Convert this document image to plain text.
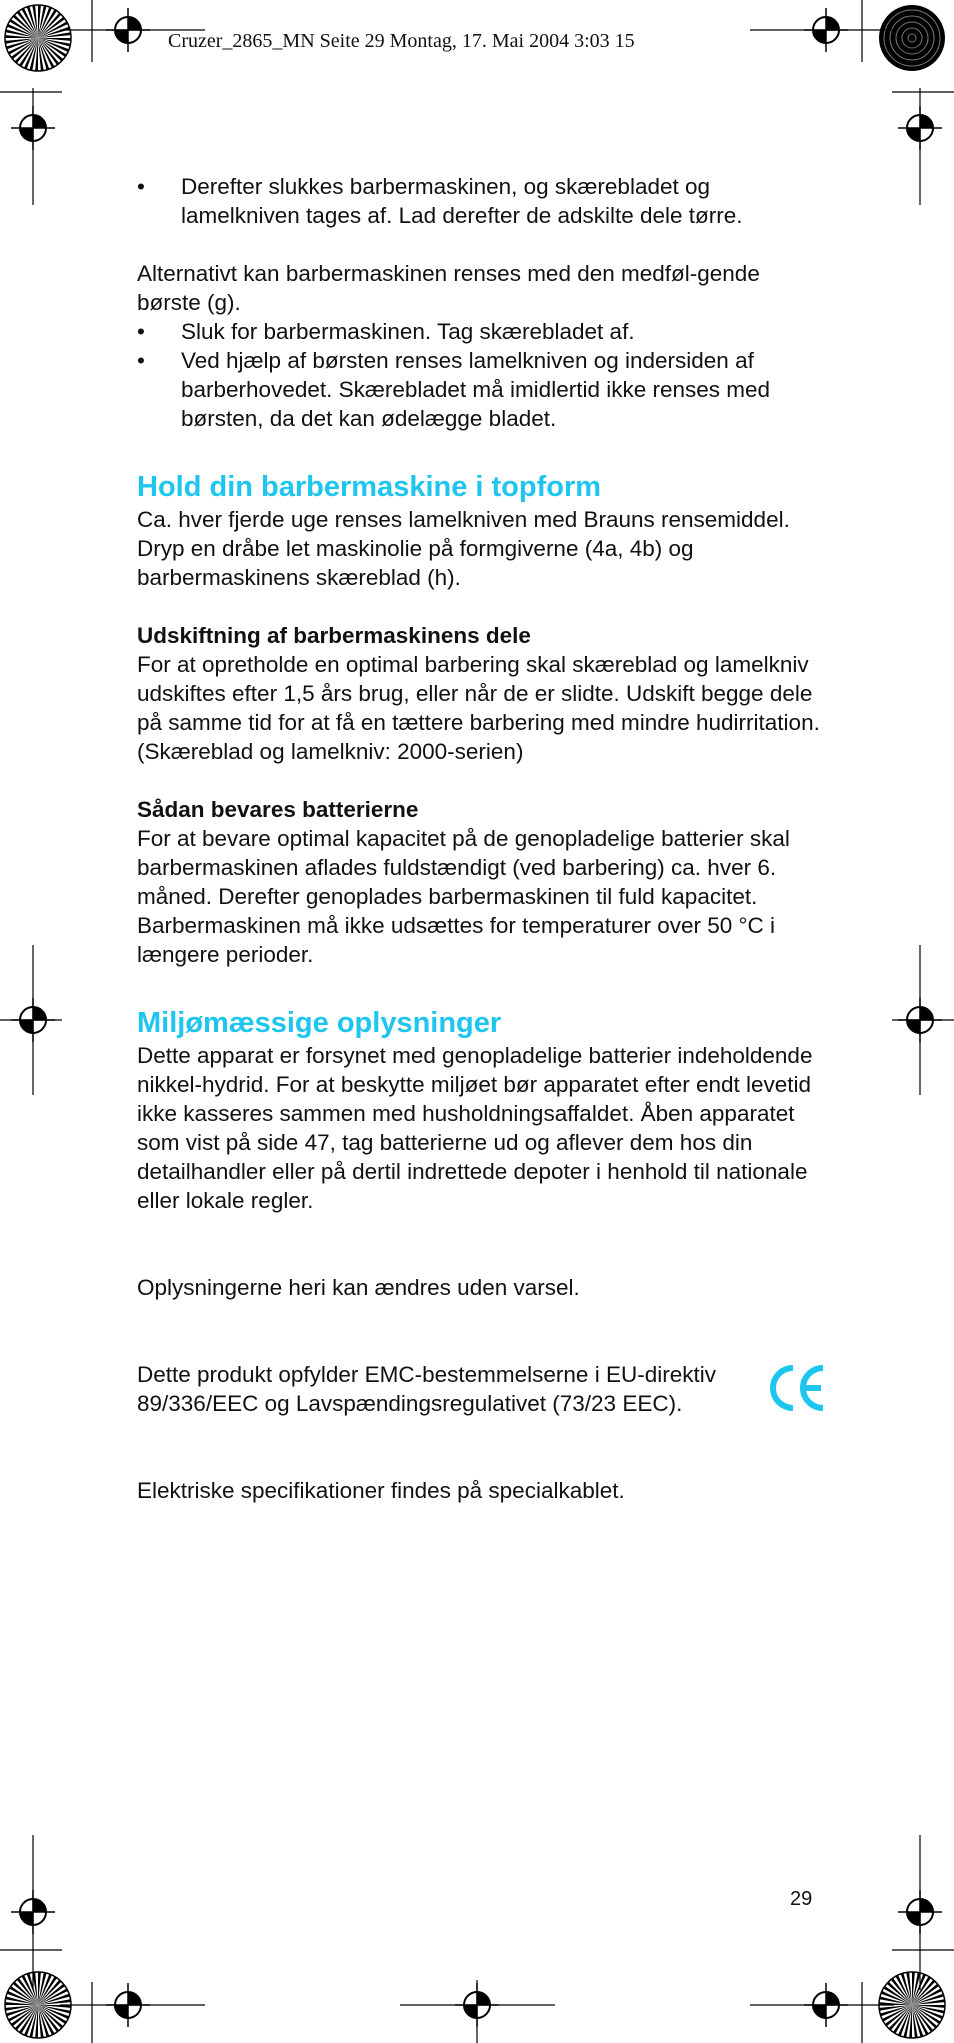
Cruzer_2865_MN Seite 29 Montag, 17. Mai 2004 3:03 15
• Derefter slukkes barbermaskinen, og skærebladet og lamelkniven tages af. Lad derefter de adskilte dele tørre.

Alternativt kan barbermaskinen renses med den medføl-gende børste (g).

• Sluk for barbermaskinen. Tag skærebladet af.
• Ved hjælp af børsten renses lamelkniven og indersiden af barberhovedet. Skærebladet må imidlertid ikke renses med børsten, da det kan ødelægge bladet.
Hold din barbermaskine i topform

Ca. hver fjerde uge renses lamelkniven med Brauns rensemiddel. Dryp en dråbe let maskinolie på formgiverne (4a, 4b) og barbermaskinens skæreblad (h).

Udskiftning af barbermaskinens dele

For at opretholde en optimal barbering skal skæreblad og lamelkniv udskiftes efter 1,5 års brug, eller når de er slidte. Udskift begge dele på samme tid for at få en tættere barbering med mindre hudirritation.

(Skæreblad og lamelkniv: 2000-serien)

Sådan bevares batterierne

For at bevare optimal kapacitet på de genopladelige batterier skal barbermaskinen aflades fuldstændigt (ved barbering) ca. hver 6. måned. Derefter genoplades barbermaskinen til fuld kapacitet. Barbermaskinen må ikke udsættes for temperaturer over 50 °C i længere perioder.

Miljømæssige oplysninger

Dette apparat er forsynet med genopladelige batterier indeholdende nikkel-hydrid. For at beskytte miljøet bør apparatet efter endt levetid ikke kasseres sammen med husholdningsaffaldet. Åben apparatet som vist på side 47, tag batterierne ud og aflever dem hos din detailhandler eller på dertil indrettede depoter i henhold til nationale eller lokale regler.

Oplysningerne heri kan ændres uden varsel.

Dette produkt opfylder EMC-bestemmelserne i EU-direktiv 89/336/EEC og Lavspændingsregulativet (73/23 EEC).

Elektriske specifikationer findes på specialkablet.

29
